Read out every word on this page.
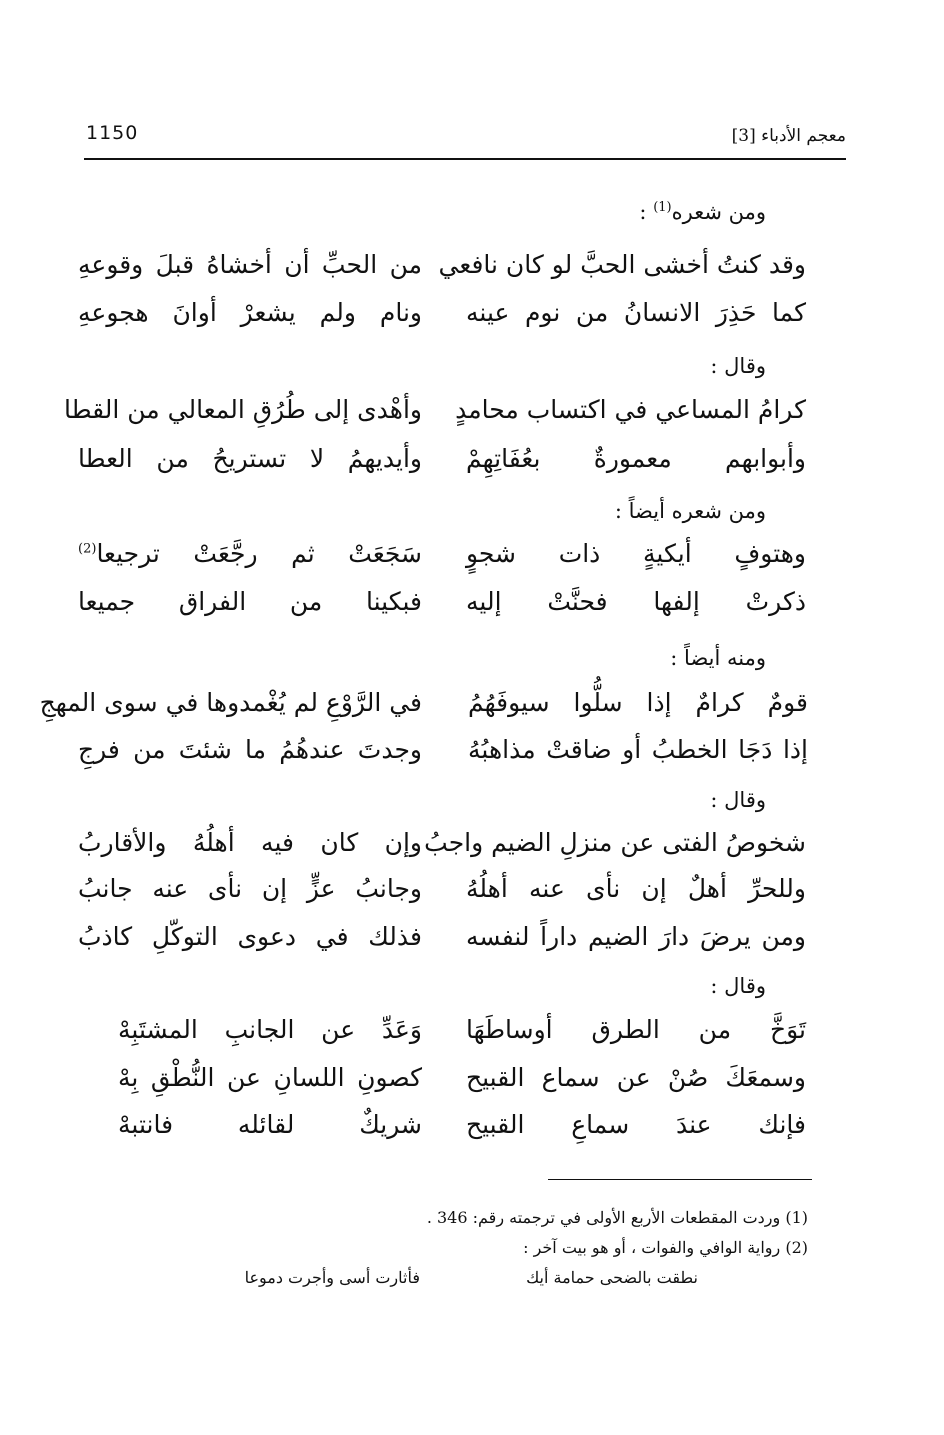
معجم الأدباء [3]
1150
ومن شعره$^{(1)}$ :
وقد كنتُ أخشى الحبَّ لو كان نافعي
من الحبِّ أن أخشاهُ قبلَ وقوعهِ
كما حَذِرَ الانسانُ من نوم عينه
ونام ولم يشعرْ أوانَ هجوعهِ
وقال :
كرامُ المساعي في اكتساب محامدٍ
وأهْدى إلى طُرُقِ المعالي من القطا
وأبوابهم معمورةٌ بعُفَاتِهِمْ
وأيديهمُ لا تستريحُ من العطا
ومن شعره أيضاً :
وهتوفٍ أيكيةٍ ذات شجوٍ
سَجَعَتْ ثم رجَّعَتْ ترجيعا$^{(2)}$
ذكرتْ إلفها فحنَّتْ إليه
فبكينا من الفراق جميعا
ومنه أيضاً :
قومٌ كرامٌ إذا سلُّوا سيوفَهُمُ
في الرَّوْعِ لم يُغْمدوها في سوى المهجِ
إذا دَجَا الخطبُ أو ضاقتْ مذاهبُهُ
وجدتَ عندهُمُ ما شئتَ من فرجِ
وقال :
شخوصُ الفتى عن منزلِ الضيم واجبُ
وإن كان فيه أهلُهُ والأقاربُ
وللحرِّ أهلٌ إن نأى عنه أهلُهُ
وجانبُ عزٍّ إن نأى عنه جانبُ
ومن يرضَ دارَ الضيم داراً لنفسه
فذلك في دعوى التوكّلِ كاذبُ
وقال :
تَوَخَّ من الطرق أوساطَهَا
وَعَدِّ عن الجانبِ المشتَبِهْ
وسمعَكَ صُنْ عن سماع القبيح
كصونِ اللسانِ عن النُّطْقِ بِهْ
فإنك عندَ سماعِ القبيح
شريكٌ لقائله فانتبهْ
(1) وردت المقطعات الأربع الأولى في ترجمته رقم: 346 .
(2) رواية الوافي والفوات ، أو هو بيت آخر :
نطقت بالضحى حمامة أيك
فأثارت أسى وأجرت دموعا
